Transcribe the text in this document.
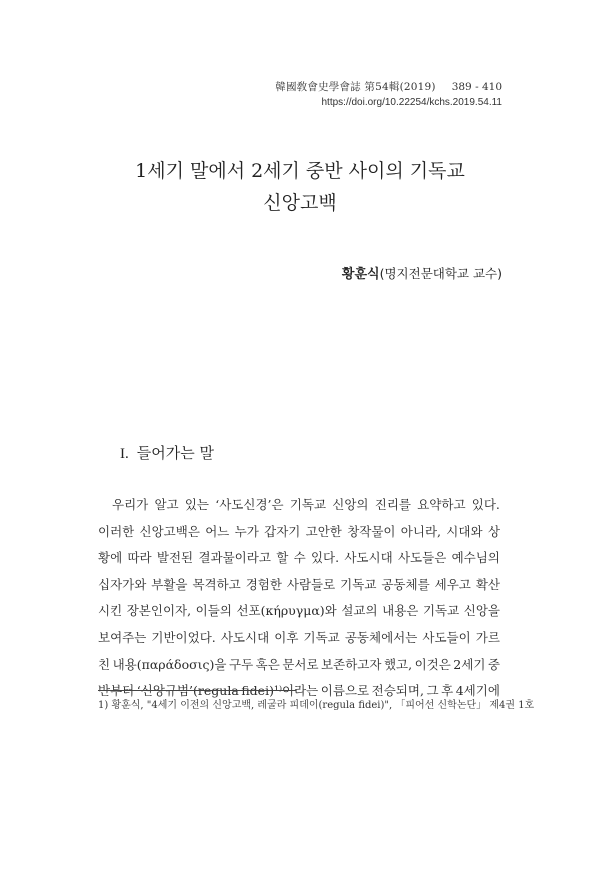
韓國敎會史學會誌 第54輯(2019) 389 - 410
https://doi.org/10.22254/kchs.2019.54.11
1세기 말에서 2세기 중반 사이의 기독교
신앙고백
황훈식(명지전문대학교 교수)
I. 들어가는 말
우리가 알고 있는 ‘사도신경’은 기독교 신앙의 진리를 요약하고 있다.
이러한 신앙고백은 어느 누가 갑자기 고안한 창작물이 아니라, 시대와 상
황에 따라 발전된 결과물이라고 할 수 있다. 사도시대 사도들은 예수님의
십자가와 부활을 목격하고 경험한 사람들로 기독교 공동체를 세우고 확산
시킨 장본인이자, 이들의 선포(κήρυγμα)와 설교의 내용은 기독교 신앙을
보여주는 기반이었다. 사도시대 이후 기독교 공동체에서는 사도들이 가르
친 내용(παράδοσις)을 구두 혹은 문서로 보존하고자 했고, 이것은 2세기 중
반부터 ‘신앙규범’(regula fidei)¹⁾이라는 이름으로 전승되며, 그 후 4세기에
1) 황훈식, "4세기 이전의 신앙고백, 레굴라 피데이(regula fidei)", 「피어선 신학논단」 제4권 1호
